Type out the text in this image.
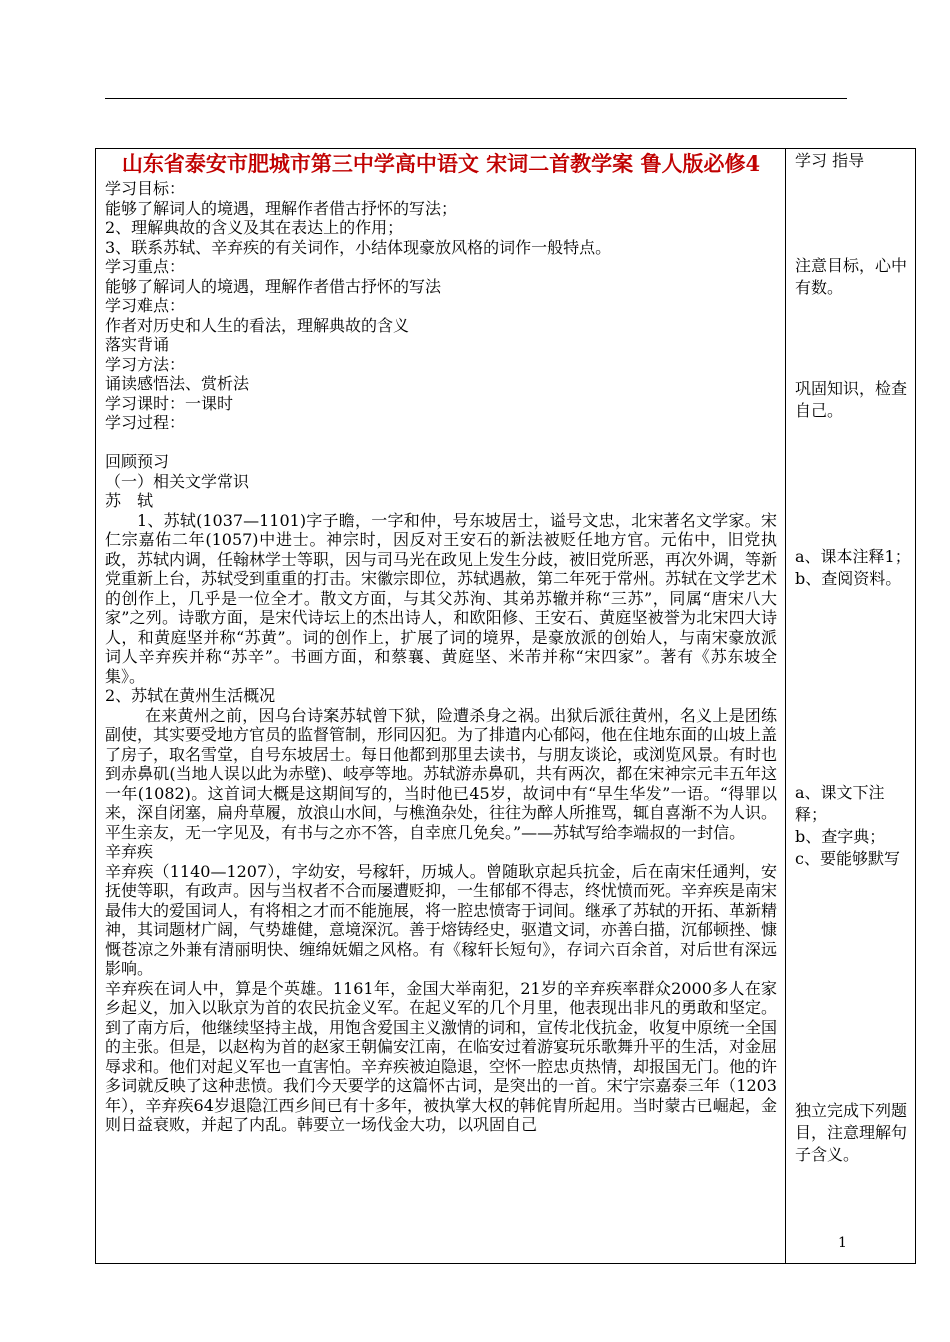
山东省泰安市肥城市第三中学高中语文 宋词二首教学案 鲁人版必修4

学习目标：

能够了解词人的境遇，理解作者借古抒怀的写法；

2、理解典故的含义及其在表达上的作用；

3、联系苏轼、辛弃疾的有关词作，小结体现豪放风格的词作一般特点。

学习重点：

能够了解词人的境遇，理解作者借古抒怀的写法

学习难点：

作者对历史和人生的看法，理解典故的含义

落实背诵

学习方法：

诵读感悟法、赏析法

学习课时：一课时

学习过程：

回顾预习

（一）相关文学常识

苏　轼

1、苏轼(1037—1101)字子瞻，一字和仲，号东坡居士，谥号文忠，北宋著名文学家。宋仁宗嘉佑二年(1057)中进士。神宗时，因反对王安石的新法被贬任地方官。元佑中，旧党执政，苏轼内调，任翰林学士等职，因与司马光在政见上发生分歧，被旧党所恶，再次外调，等新党重新上台，苏轼受到重重的打击。宋徽宗即位，苏轼遇赦，第二年死于常州。苏轼在文学艺术的创作上，几乎是一位全才。散文方面，与其父苏洵、其弟苏辙并称“三苏”，同属“唐宋八大家”之列。诗歌方面，是宋代诗坛上的杰出诗人，和欧阳修、王安石、黄庭坚被誉为北宋四大诗人，和黄庭坚并称“苏黄”。词的创作上，扩展了词的境界，是豪放派的创始人，与南宋豪放派词人辛弃疾并称“苏辛”。书画方面，和蔡襄、黄庭坚、米芾并称“宋四家”。著有《苏东坡全集》。

2、苏轼在黄州生活概况

在来黄州之前，因乌台诗案苏轼曾下狱，险遭杀身之祸。出狱后派往黄州，名义上是团练副使，其实要受地方官员的监督管制，形同囚犯。为了排遣内心郁闷，他在住地东面的山坡上盖了房子，取名雪堂，自号东坡居士。每日他都到那里去读书，与朋友谈论，或浏览风景。有时也到赤鼻矶(当地人误以此为赤壁)、岐亭等地。苏轼游赤鼻矶，共有两次，都在宋神宗元丰五年这一年(1082)。这首词大概是这期间写的，当时他已45岁，故词中有“早生华发”一语。“得罪以来，深自闭塞，扁舟草履，放浪山水间，与樵渔杂处，往往为醉人所推骂，辄自喜渐不为人识。平生亲友，无一字见及，有书与之亦不答，自幸庶几免矣。”——苏轼写给李端叔的一封信。

辛弃疾

辛弃疾（1140—1207），字幼安，号稼轩，历城人。曾随耿京起兵抗金，后在南宋任通判，安抚使等职，有政声。因与当权者不合而屡遭贬抑，一生郁郁不得志，终忧愤而死。辛弃疾是南宋最伟大的爱国词人，有将相之才而不能施展，将一腔忠愤寄于词间。继承了苏轼的开拓、革新精神，其词题材广阔，气势雄健，意境深沉。善于熔铸经史，驱遣文词，亦善白描，沉郁顿挫、慷慨苍凉之外兼有清丽明快、缠绵妩媚之风格。有《稼轩长短句》，存词六百余首，对后世有深远影响。

辛弃疾在词人中，算是个英雄。1161年，金国大举南犯，21岁的辛弃疾率群众2000多人在家乡起义，加入以耿京为首的农民抗金义军。在起义军的几个月里，他表现出非凡的勇敢和坚定。到了南方后，他继续坚持主战，用饱含爱国主义激情的词和，宣传北伐抗金，收复中原统一全国的主张。但是，以赵构为首的赵家王朝偏安江南，在临安过着游宴玩乐歌舞升平的生活，对金屈辱求和。他们对起义军也一直害怕。辛弃疾被迫隐退，空怀一腔忠贞热情，却报国无门。他的许多词就反映了这种悲愤。我们今天要学的这篇怀古词，是突出的一首。宋宁宗嘉泰三年（1203年），辛弃疾64岁退隐江西乡间已有十多年，被执掌大权的韩侂胄所起用。当时蒙古已崛起，金则日益衰败，并起了内乱。韩要立一场伐金大功，以巩固自己

学习 指导
注意目标，心中有数。
巩固知识，检查自己。
a、课本注释1；b、查阅资料。
a、课文下注释；
b、查字典；
c、要能够默写
独立完成下列题目，注意理解句子含义。
1
